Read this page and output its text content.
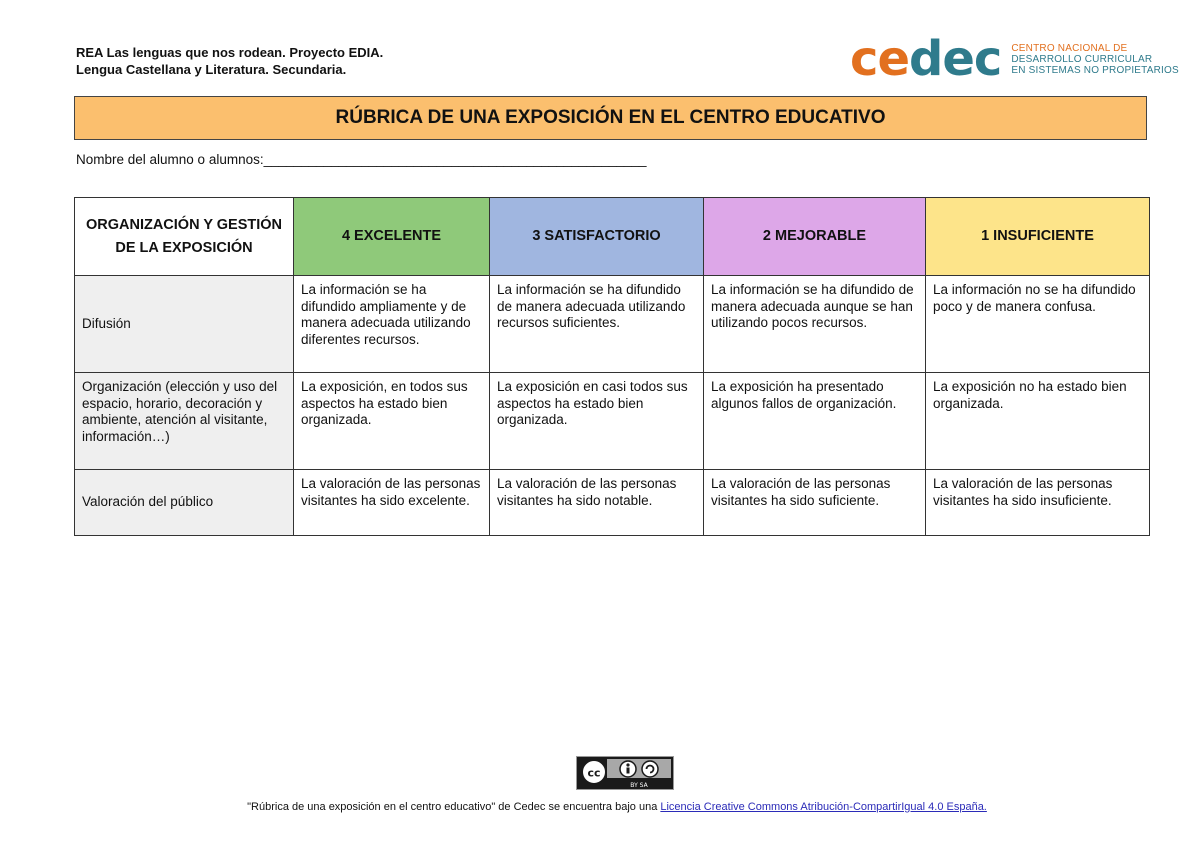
REA Las lenguas que nos rodean. Proyecto EDIA.
Lengua Castellana y Literatura. Secundaria.	cedec CENTRO NACIONAL DE
DESARROLLO CURRICULAR
EN SISTEMAS NO PROPIETARIOS
RÚBRICA DE UNA EXPOSICIÓN EN EL CENTRO EDUCATIVO
Nombre del alumno o alumnos:___________________________________________________
ORGANIZACIÓN Y GESTIÓN DE LA EXPOSICIÓN	4 EXCELENTE	3 SATISFACTORIO	2 MEJORABLE	1 INSUFICIENTE
Difusión	La información se ha difundido ampliamente y de manera adecuada utilizando diferentes recursos.	La información se ha difundido de manera adecuada utilizando recursos suficientes.	La información se ha difundido de manera adecuada aunque se han utilizando pocos recursos.	La información no se ha difundido poco y de manera confusa.
Organización (elección y uso del espacio, horario, decoración y ambiente, atención al visitante, información…)	La exposición, en todos sus aspectos ha estado bien organizada.	La exposición en casi todos sus aspectos ha estado bien organizada.	La exposición ha presentado algunos fallos de organización.	La exposición no ha estado bien organizada.
Valoración del público	La valoración de las personas visitantes ha sido excelente.	La valoración de las personas visitantes ha sido notable.	La valoración de las personas visitantes ha sido suficiente.	La valoración de las personas visitantes ha sido insuficiente.
cc
BY SA
"Rúbrica de una exposición en el centro educativo" de Cedec se encuentra bajo una Licencia Creative Commons Atribución-CompartirIgual 4.0 España.
